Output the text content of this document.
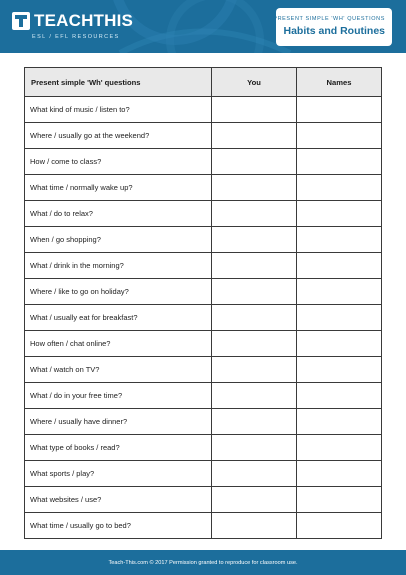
TEACHTHIS
ESL / EFL RESOURCES
PRESENT SIMPLE 'WH' QUESTIONS
Habits and Routines
Present simple 'Wh' questions	You	Names
What kind of music / listen to?		
Where / usually go at the weekend?		
How / come to class?		
What time / normally wake up?		
What / do to relax?		
When / go shopping?		
What / drink in the morning?		
Where / like to go on holiday?		
What / usually eat for breakfast?		
How often / chat online?		
What / watch on TV?		
What / do in your free time?		
Where / usually have dinner?		
What type of books / read?		
What sports / play?		
What websites / use?		
What time / usually go to bed?		
Teach-This.com © 2017 Permission granted to reproduce for classroom use.
